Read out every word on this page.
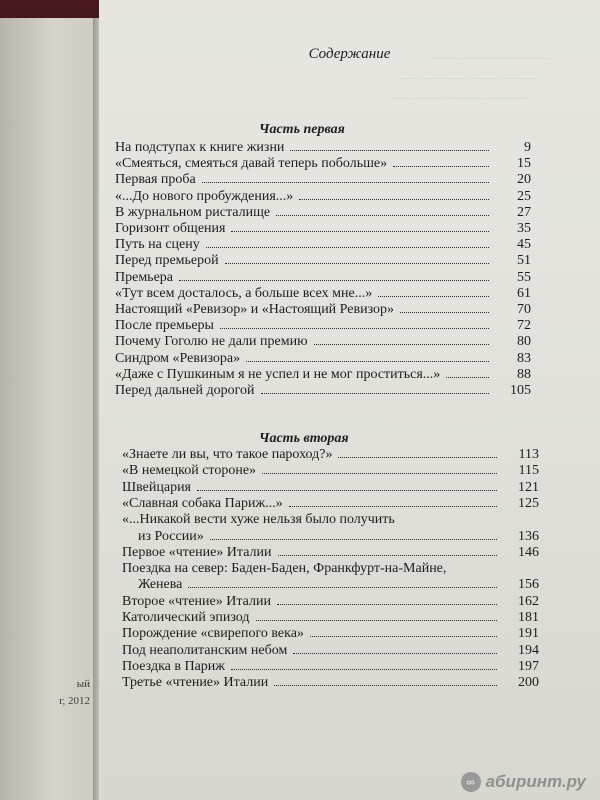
ый
г, 2012
———————— ———
——— ——— ———— ——
———— ——— ——— ——
Содержание
Часть первая
На подступах к книге жизни	9
«Смеяться, смеяться давай теперь побольше»	15
Первая проба	20
«...До нового пробуждения...»	25
В журнальном ристалище	27
Горизонт общения	35
Путь на сцену	45
Перед премьерой	51
Премьера	55
«Тут всем досталось, а больше всех мне...»	61
Настоящий «Ревизор» и «Настоящий Ревизор»	70
После премьеры	72
Почему Гоголю не дали премию	80
Синдром «Ревизора»	83
«Даже с Пушкиным я не успел и не мог проститься...»	88
Перед дальней дорогой	105
Часть вторая
«Знаете ли вы, что такое пароход?»	113
«В немецкой стороне»	115
Швейцария	121
«Славная собака Париж...»	125
«...Никакой вести хуже нельзя было получить
из России»	136
Первое «чтение» Италии	146
Поездка на север: Баден-Баден, Франкфурт-на-Майне,
Женева	156
Второе «чтение» Италии	162
Католический эпизод	181
Порождение «свирепого века»	191
Под неаполитанским небом	194
Поездка в Париж	197
Третье «чтение» Италии	200
∞ абиринт.ру
